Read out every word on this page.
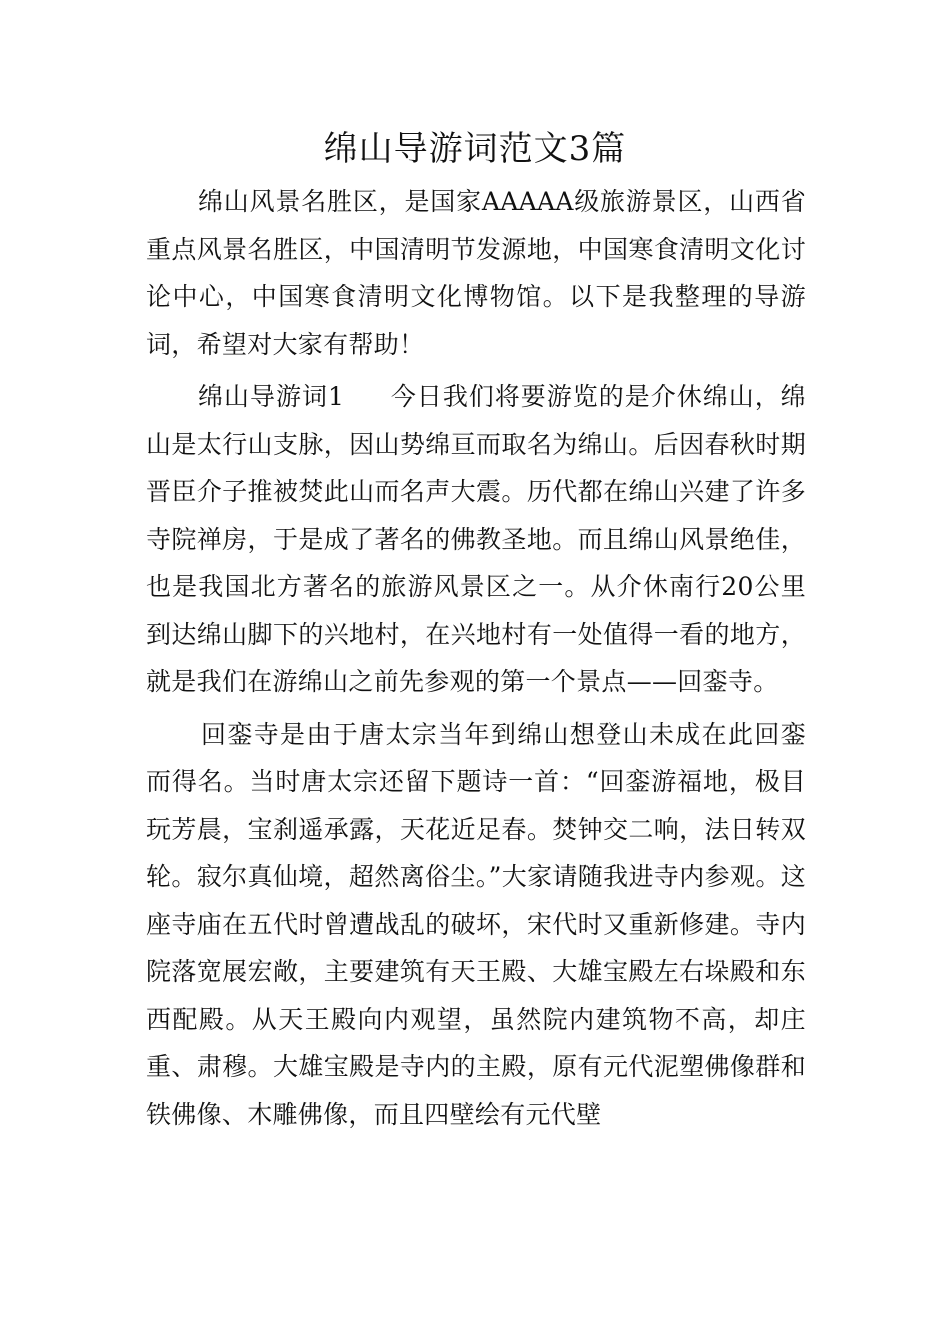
绵山导游词范文3篇

绵山风景名胜区，是国家AAAAA级旅游景区，山西省重点风景名胜区，中国清明节发源地，中国寒食清明文化讨论中心，中国寒食清明文化博物馆。以下是我整理的导游词，希望对大家有帮助！

绵山导游词1 今日我们将要游览的是介休绵山，绵山是太行山支脉，因山势绵亘而取名为绵山。后因春秋时期晋臣介子推被焚此山而名声大震。历代都在绵山兴建了许多寺院禅房，于是成了著名的佛教圣地。而且绵山风景绝佳，也是我国北方著名的旅游风景区之一。从介休南行20公里到达绵山脚下的兴地村，在兴地村有一处值得一看的地方，就是我们在游绵山之前先参观的第一个景点——回銮寺。

回銮寺是由于唐太宗当年到绵山想登山未成在此回銮而得名。当时唐太宗还留下题诗一首：“回銮游福地，极目玩芳晨，宝刹遥承露，天花近足春。焚钟交二响，法日转双轮。寂尔真仙境，超然离俗尘。”大家请随我进寺内参观。这座寺庙在五代时曾遭战乱的破坏，宋代时又重新修建。寺内院落宽展宏敞，主要建筑有天王殿、大雄宝殿左右垛殿和东西配殿。从天王殿向内观望，虽然院内建筑物不高，却庄重、肃穆。大雄宝殿是寺内的主殿，原有元代泥塑佛像群和铁佛像、木雕佛像，而且四壁绘有元代壁
